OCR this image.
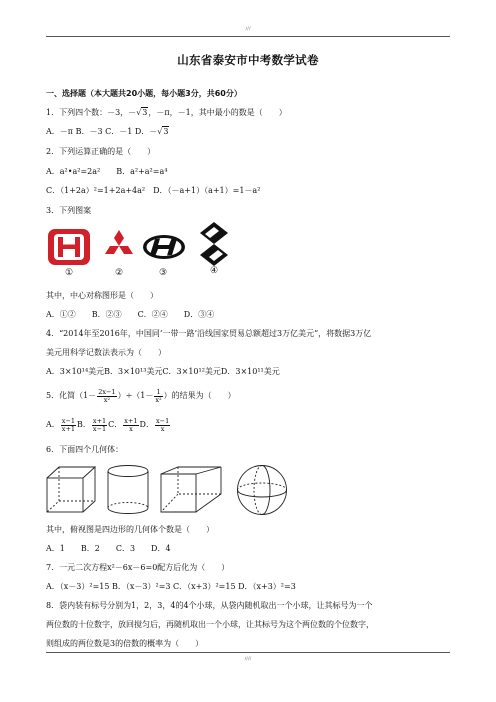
///
山东省泰安市中考数学试卷
一、选择题（本大题共20小题，每小题3分，共60分）
1．下列四个数：－3，－√3，－π，－1，其中最小的数是（　　）
A．－π B．－3 C．－1 D．－√3
2．下列运算正确的是（　　）
A．a²•a²=2a²　　B．a²+a²=a⁴
C．（1+2a）²=1+2a+4a²　D．（－a+1）（a+1）=1－a²
3．下列图案
①	②	③	④
其中，中心对称图形是（　　）
A．①②　　B．②③　　C．②④　　D．③④
4．“2014年至2016年，中国同‘一带一路’沿线国家贸易总额超过3万亿美元”，将数据3万亿
美元用科学记数法表示为（　　）
A．3×10¹⁴美元B．3×10¹³美元C．3×10¹²美元D．3×10¹¹美元
5．化简$(1- \frac{2x-1}{\text{x²}} )\div(1- \frac{1}{\text{x²}}$ ）的结果为（　　）
A． $\frac{x-1}{x+1}$ B． $\frac{x+1}{x-1}$ C． $\frac{x+1}{x}$ D． $\frac{x-1}{x}$
6．下面四个几何体：
其中，俯视图是四边形的几何体个数是（　　）
A．1　　B．2　　C．3　　D．4
7．一元二次方程x²－6x－6=0配方后化为（　　）
A．（x－3）²=15 B．（x－3）²=3 C．（x+3）²=15 D．（x+3）²=3
8．袋内装有标号分别为1，2，3，4的4个小球，从袋内随机取出一个小球，让其标号为一个
两位数的十位数字，放回搅匀后，再随机取出一个小球，让其标号为这个两位数的个位数字，
则组成的两位数是3的倍数的概率为（　　）
////
